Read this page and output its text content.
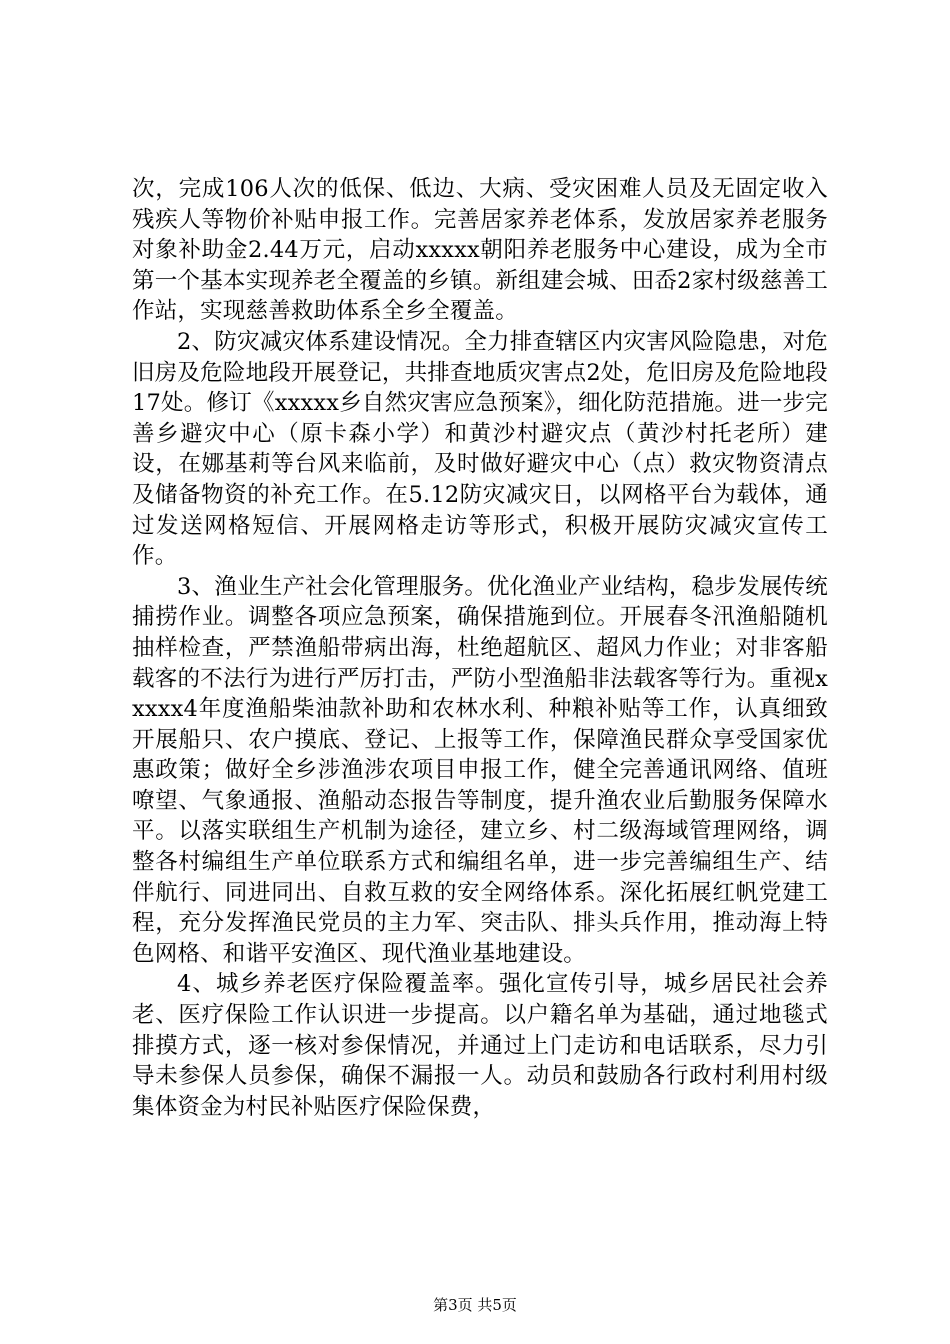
次，完成106人次的低保、低边、大病、受灾困难人员及无固定收入残疾人等物价补贴申报工作。完善居家养老体系，发放居家养老服务对象补助金2.44万元，启动xxxxx朝阳养老服务中心建设，成为全市第一个基本实现养老全覆盖的乡镇。新组建会城、田岙2家村级慈善工作站，实现慈善救助体系全乡全覆盖。

2、防灾减灾体系建设情况。全力排查辖区内灾害风险隐患，对危旧房及危险地段开展登记，共排查地质灾害点2处，危旧房及危险地段17处。修订《xxxxx乡自然灾害应急预案》，细化防范措施。进一步完善乡避灾中心（原卡森小学）和黄沙村避灾点（黄沙村托老所）建设，在娜基莉等台风来临前，及时做好避灾中心（点）救灾物资清点及储备物资的补充工作。在5.12防灾减灾日，以网格平台为载体，通过发送网格短信、开展网格走访等形式，积极开展防灾减灾宣传工作。

3、渔业生产社会化管理服务。优化渔业产业结构，稳步发展传统捕捞作业。调整各项应急预案，确保措施到位。开展春冬汛渔船随机抽样检查，严禁渔船带病出海，杜绝超航区、超风力作业；对非客船载客的不法行为进行严厉打击，严防小型渔船非法载客等行为。重视xxxxx4年度渔船柴油款补助和农林水利、种粮补贴等工作，认真细致开展船只、农户摸底、登记、上报等工作，保障渔民群众享受国家优惠政策；做好全乡涉渔涉农项目申报工作，健全完善通讯网络、值班嘹望、气象通报、渔船动态报告等制度，提升渔农业后勤服务保障水平。以落实联组生产机制为途径，建立乡、村二级海域管理网络，调整各村编组生产单位联系方式和编组名单，进一步完善编组生产、结伴航行、同进同出、自救互救的安全网络体系。深化拓展红帆党建工程，充分发挥渔民党员的主力军、突击队、排头兵作用，推动海上特色网格、和谐平安渔区、现代渔业基地建设。

4、城乡养老医疗保险覆盖率。强化宣传引导，城乡居民社会养老、医疗保险工作认识进一步提高。以户籍名单为基础，通过地毯式排摸方式，逐一核对参保情况，并通过上门走访和电话联系，尽力引导未参保人员参保，确保不漏报一人。动员和鼓励各行政村利用村级集体资金为村民补贴医疗保险保费，

第3页 共5页
